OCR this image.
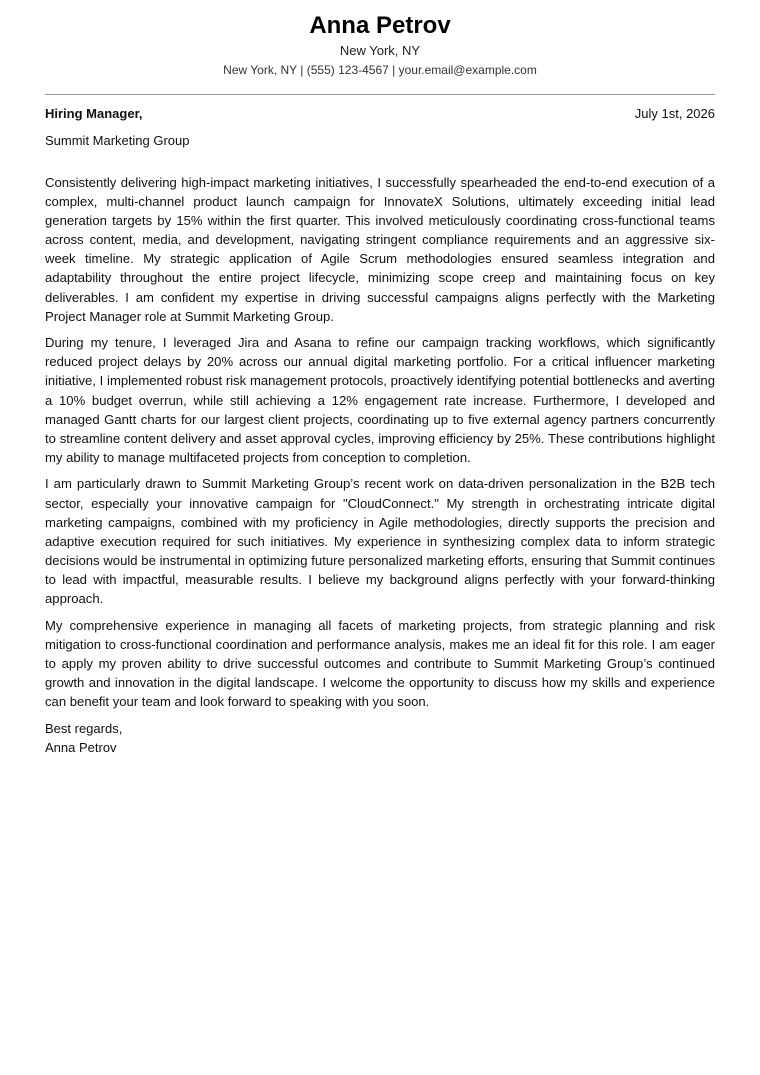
Anna Petrov
New York, NY
New York, NY | (555) 123-4567 | your.email@example.com
Hiring Manager,	July 1st, 2026
Summit Marketing Group

Consistently delivering high-impact marketing initiatives, I successfully spearheaded the end-to-end execution of a complex, multi-channel product launch campaign for InnovateX Solutions, ultimately exceeding initial lead generation targets by 15% within the first quarter. This involved meticulously coordinating cross-functional teams across content, media, and development, navigating stringent compliance requirements and an aggressive six-week timeline. My strategic application of Agile Scrum methodologies ensured seamless integration and adaptability throughout the entire project lifecycle, minimizing scope creep and maintaining focus on key deliverables. I am confident my expertise in driving successful campaigns aligns perfectly with the Marketing Project Manager role at Summit Marketing Group.

During my tenure, I leveraged Jira and Asana to refine our campaign tracking workflows, which significantly reduced project delays by 20% across our annual digital marketing portfolio. For a critical influencer marketing initiative, I implemented robust risk management protocols, proactively identifying potential bottlenecks and averting a 10% budget overrun, while still achieving a 12% engagement rate increase. Furthermore, I developed and managed Gantt charts for our largest client projects, coordinating up to five external agency partners concurrently to streamline content delivery and asset approval cycles, improving efficiency by 25%. These contributions highlight my ability to manage multifaceted projects from conception to completion.

I am particularly drawn to Summit Marketing Group’s recent work on data-driven personalization in the B2B tech sector, especially your innovative campaign for "CloudConnect." My strength in orchestrating intricate digital marketing campaigns, combined with my proficiency in Agile methodologies, directly supports the precision and adaptive execution required for such initiatives. My experience in synthesizing complex data to inform strategic decisions would be instrumental in optimizing future personalized marketing efforts, ensuring that Summit continues to lead with impactful, measurable results. I believe my background aligns perfectly with your forward-thinking approach.

My comprehensive experience in managing all facets of marketing projects, from strategic planning and risk mitigation to cross-functional coordination and performance analysis, makes me an ideal fit for this role. I am eager to apply my proven ability to drive successful outcomes and contribute to Summit Marketing Group’s continued growth and innovation in the digital landscape. I welcome the opportunity to discuss how my skills and experience can benefit your team and look forward to speaking with you soon.

Best regards,
Anna Petrov
